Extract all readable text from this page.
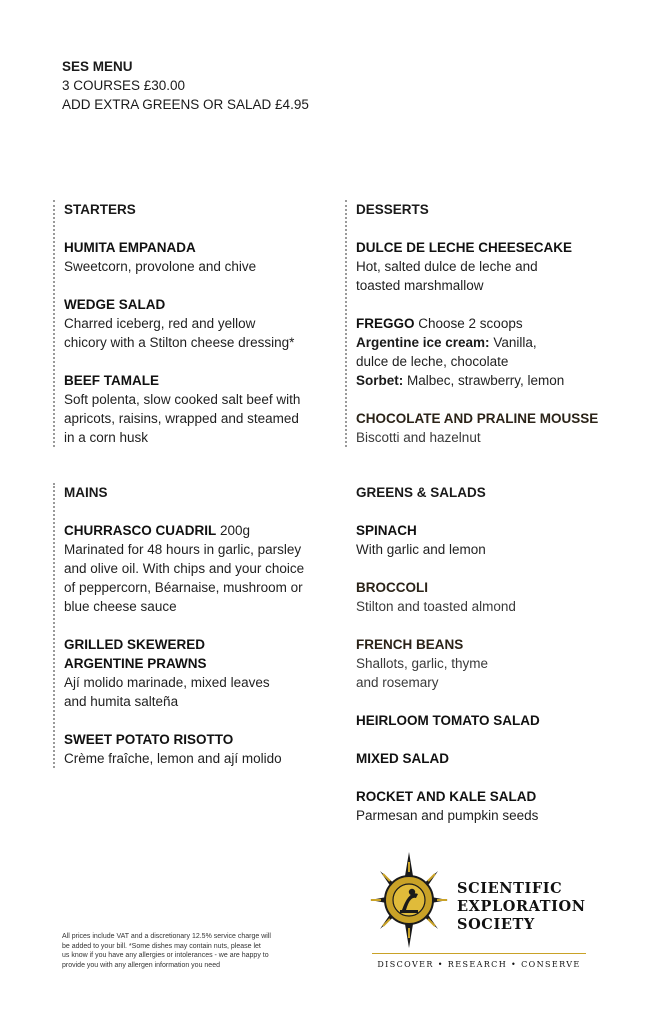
SES MENU
3 COURSES £30.00
ADD EXTRA GREENS OR SALAD £4.95
STARTERS
HUMITA EMPANADA
Sweetcorn, provolone and chive
WEDGE SALAD
Charred iceberg, red and yellow
chicory with a Stilton cheese dressing*
BEEF TAMALE
Soft polenta, slow cooked salt beef with
apricots, raisins, wrapped and steamed
in a corn husk
DESSERTS
DULCE DE LECHE CHEESECAKE
Hot, salted dulce de leche and
toasted marshmallow
FREGGO Choose 2 scoops
Argentine ice cream: Vanilla,
dulce de leche, chocolate
Sorbet: Malbec, strawberry, lemon
CHOCOLATE AND PRALINE MOUSSE
Biscotti and hazelnut
MAINS
CHURRASCO CUADRIL 200g
Marinated for 48 hours in garlic, parsley
and olive oil. With chips and your choice
of peppercorn, Béarnaise, mushroom or
blue cheese sauce
GRILLED SKEWERED
ARGENTINE PRAWNS
Ají molido marinade, mixed leaves
and humita salteña
SWEET POTATO RISOTTO
Crème fraîche, lemon and ají molido
GREENS & SALADS
SPINACH
With garlic and lemon
BROCCOLI
Stilton and toasted almond
FRENCH BEANS
Shallots, garlic, thyme
and rosemary
HEIRLOOM TOMATO SALAD
MIXED SALAD
ROCKET AND KALE SALAD
Parmesan and pumpkin seeds
All prices include VAT and a discretionary 12.5% service charge will
be added to your bill. *Some dishes may contain nuts, please let
us know if you have any allergies or intolerances - we are happy to
provide you with any allergen information you need
SCIENTIFIC
EXPLORATION
SOCIETY
DISCOVER • RESEARCH • CONSERVE
